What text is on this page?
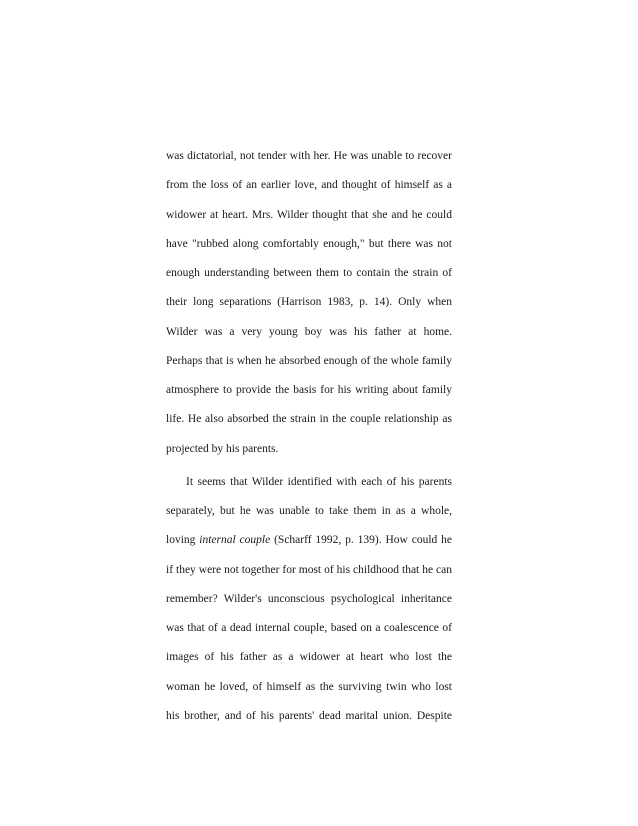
was dictatorial, not tender with her. He was unable to recover
from the loss of an earlier love, and thought of himself as a
widower at heart. Mrs. Wilder thought that she and he could
have "rubbed along comfortably enough," but there was not
enough understanding between them to contain the strain of
their long separations (Harrison 1983, p. 14). Only when
Wilder was a very young boy was his father at home.
Perhaps that is when he absorbed enough of the whole family
atmosphere to provide the basis for his writing about family
life. He also absorbed the strain in the couple relationship as
projected by his parents.
It seems that Wilder identified with each of his parents
separately, but he was unable to take them in as a whole,
loving internal couple (Scharff 1992, p. 139). How could he
if they were not together for most of his childhood that he can
remember? Wilder's unconscious psychological inheritance
was that of a dead internal couple, based on a coalescence of
images of his father as a widower at heart who lost the
woman he loved, of himself as the surviving twin who lost
his brother, and of his parents' dead marital union. Despite
